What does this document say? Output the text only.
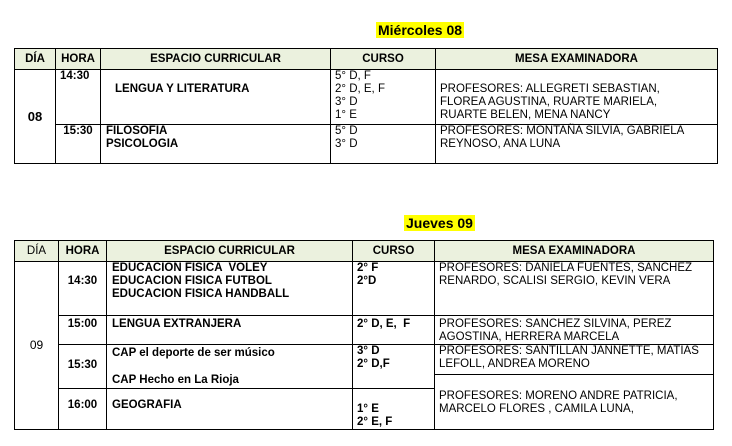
Miércoles 08
DÍA	HORA	ESPACIO CURRICULAR	CURSO	MESA EXAMINADORA
08	14:30	LENGUA Y LITERATURA	5° D, F
2° D, E, F
3° D
1° E	PROFESORES: ALLEGRETI SEBASTIAN,
FLOREA AGUSTINA, RUARTE MARIELA,
RUARTE BELEN, MENA NANCY

	15:30	FILOSOFIA
PSICOLOGIA	5° D
3° D	PROFESORES: MONTAÑA SILVIA, GABRIELA
REYNOSO, ANA LUNA
Jueves 09
DÍA	HORA	ESPACIO CURRICULAR	CURSO	MESA EXAMINADORA
09	14:30	EDUCACION FISICA  VOLEY
EDUCACION FISICA FUTBOL
EDUCACION FISICA HANDBALL	2° F
2°D	PROFESORES: DANIELA FUENTES, SANCHEZ
RENARDO, SCALISI SERGIO, KEVIN VERA

	15:00	LENGUA EXTRANJERA	2° D, E,  F	PROFESORES: SANCHEZ SILVINA, PEREZ
AGOSTINA, HERRERA MARCELA

	15:30	CAP el deporte de ser músico
CAP Hecho en La Rioja	3° D
2° D,F	PROFESORES: SANTILLAN JANNETTE, MATIAS
LEFOLL, ANDREA MORENO

				PROFESORES: MORENO ANDRE PATRICIA,
MARCELO FLORES , CAMILA LUNA,

	16:00	GEOGRAFIA	1° E
2° E, F	
